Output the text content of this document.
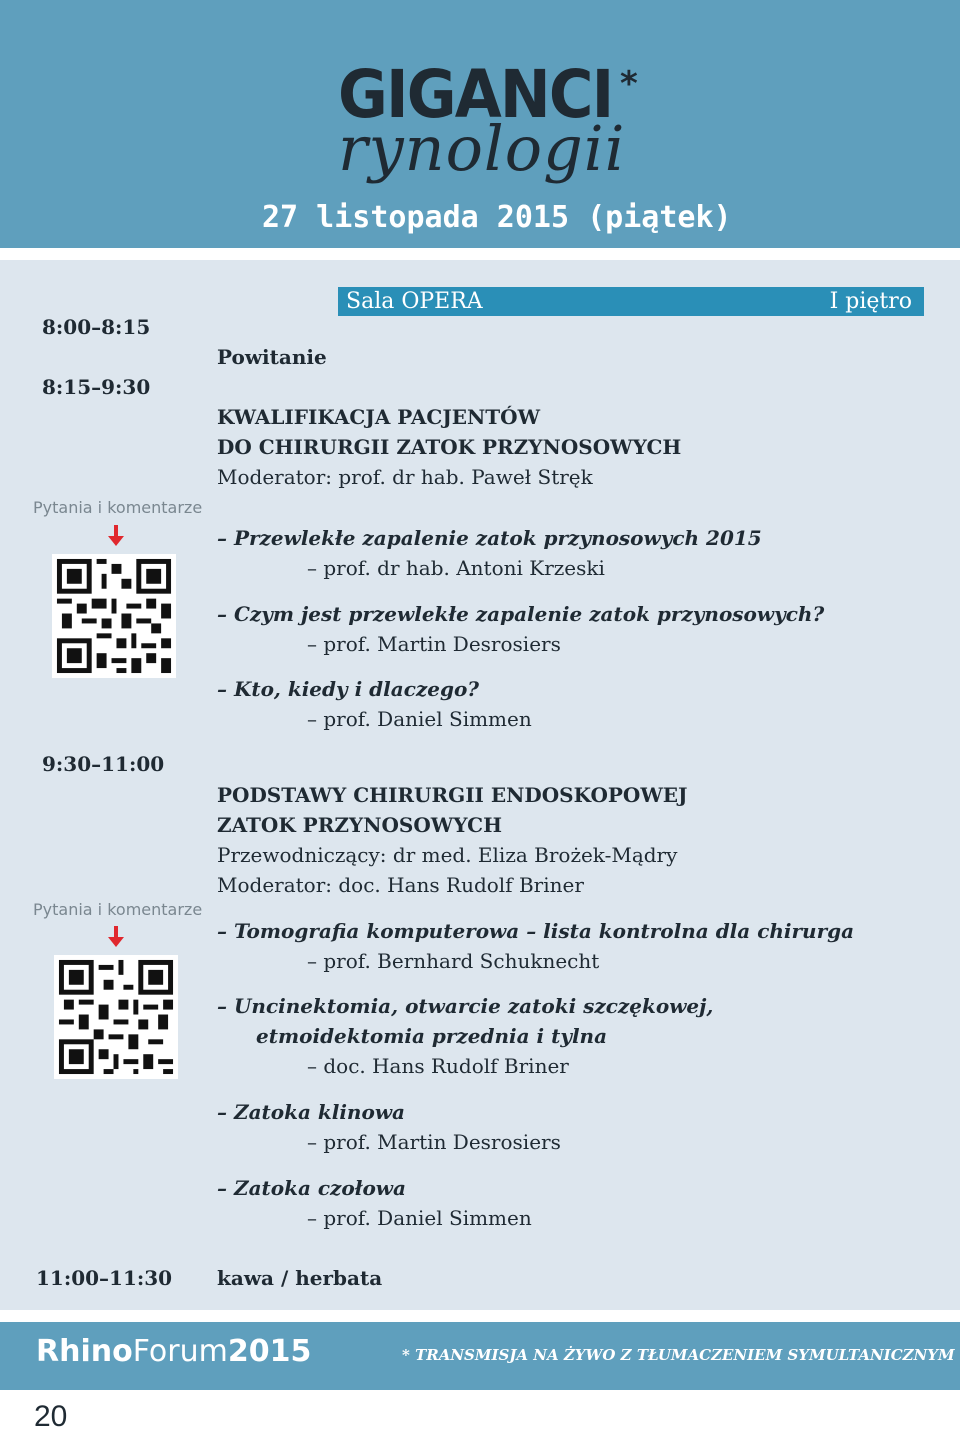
GIGANCI *
rynologii
27 listopada 2015 (piątek)
Sala OPERA	I piętro
8:00–8:15
8:15–9:30
9:30–11:00
11:00–11:30
Pytania i komentarze
Pytania i komentarze
Powitanie
KWALIFIKACJA PACJENTÓW
DO CHIRURGII ZATOK PRZYNOSOWYCH
Moderator: prof. dr hab. Paweł Stręk
– Przewlekłe zapalenie zatok przynosowych 2015
– prof. dr hab. Antoni Krzeski
– Czym jest przewlekłe zapalenie zatok przynosowych?
– prof. Martin Desrosiers
– Kto, kiedy i dlaczego?
– prof. Daniel Simmen
PODSTAWY CHIRURGII ENDOSKOPOWEJ
ZATOK PRZYNOSOWYCH
Przewodniczący: dr med. Eliza Brożek-Mądry
Moderator: doc. Hans Rudolf Briner
– Tomografia komputerowa – lista kontrolna dla chirurga
– prof. Bernhard Schuknecht
– Uncinektomia, otwarcie zatoki szczękowej,
etmoidektomia przednia i tylna
– doc. Hans Rudolf Briner
– Zatoka klinowa
– prof. Martin Desrosiers
– Zatoka czołowa
– prof. Daniel Simmen
kawa / herbata
RhinoForum2015	* TRANSMISJA NA ŻYWO Z TŁUMACZENIEM SYMULTANICZNYM
20
